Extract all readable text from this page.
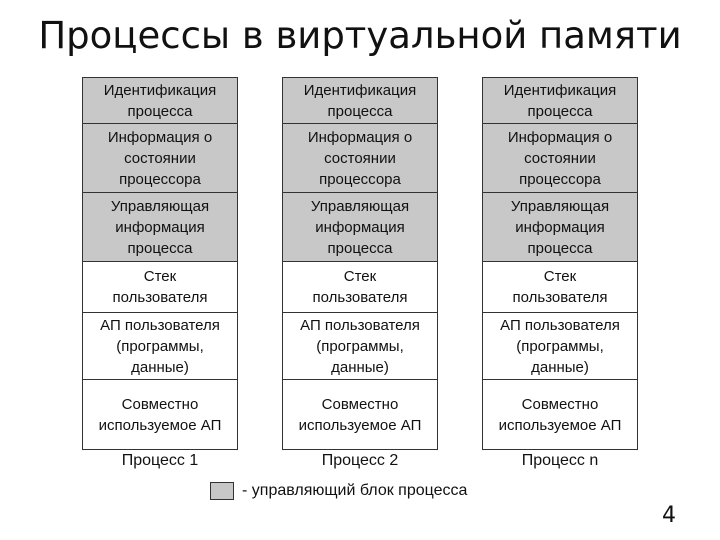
Процессы в виртуальной памяти
Идентификация
процесса
Информация о
состоянии
процессора
Управляющая
информация
процесса
Стек
пользователя
АП пользователя
(программы,
данные)
Совместно
используемое АП
Процесс 1
Идентификация
процесса
Информация о
состоянии
процессора
Управляющая
информация
процесса
Стек
пользователя
АП пользователя
(программы,
данные)
Совместно
используемое АП
Процесс 2
Идентификация
процесса
Информация о
состоянии
процессора
Управляющая
информация
процесса
Стек
пользователя
АП пользователя
(программы,
данные)
Совместно
используемое АП
Процесс n
- управляющий блок процесса
4
